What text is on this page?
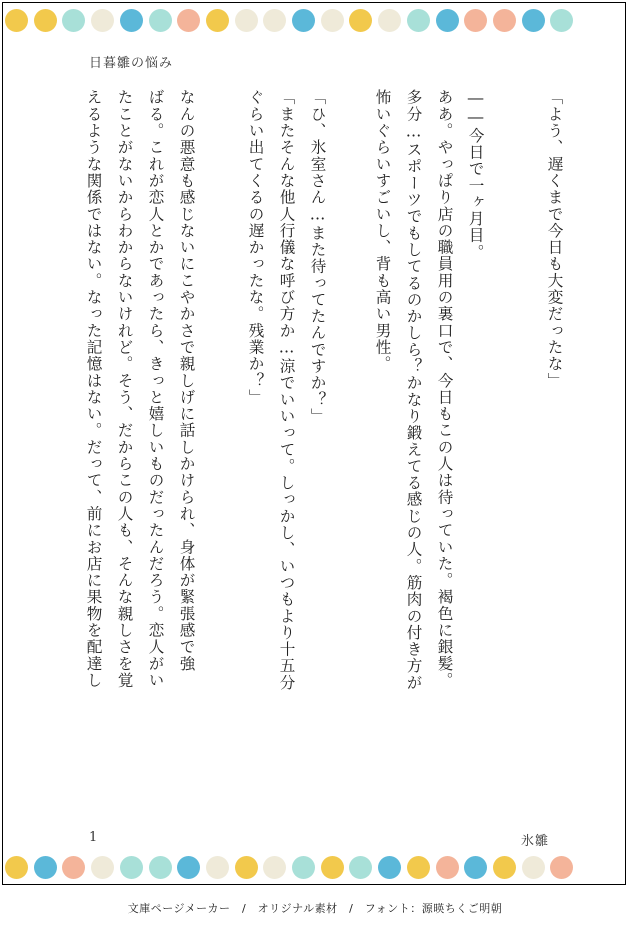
日暮雛の悩み
「よう、遅くまで今日も大変だったな」
――今日で一ヶ月目。
ああ。やっぱり店の職員用の裏口で、今日もこの人は待っていた。褐色に銀髪。
多分…スポーツでもしてるのかしら？かなり鍛えてる感じの人。筋肉の付き方が
怖いぐらいすごいし、背も高い男性。
「ひ、氷室さん…また待ってたんですか？」
「またそんな他人行儀な呼び方か…涼でいいって。しっかし、いつもより十五分
ぐらい出てくるの遅かったな。残業か？」
なんの悪意も感じないにこやかさで親しげに話しかけられ、身体が緊張感で強
ばる。これが恋人とかであったら、きっと嬉しいものだったんだろう。恋人がい
たことがないからわからないけれど。そう、だからこの人も、そんな親しさを覚
えるような関係ではない。なった記憶はない。だって、前にお店に果物を配達し
1	氷雛
文庫ページメーカー　/　オリジナル素材　/　フォント：源暎ちくご明朝
